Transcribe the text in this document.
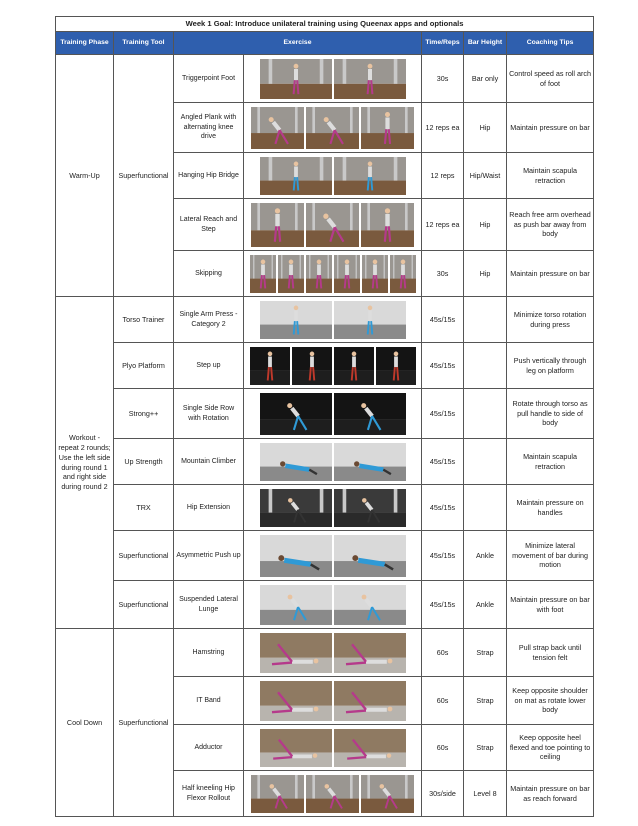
Week 1 Goal: Introduce unilateral training using Queenax apps and optionals						
Training Phase	Training Tool	Exercise		Time/Reps	Bar Height	Coaching Tips
Warm-Up	Superfunctional	Triggerpoint Foot		30s	Bar only	Control speed as roll arch of foot
		Angled Plank with alternating knee drive		12 reps ea	Hip	Maintain pressure on bar
		Hanging Hip Bridge		12 reps	Hip/Waist	Maintain scapula retraction
		Lateral Reach and Step		12 reps ea	Hip	Reach free arm overhead as push bar away from body
		Skipping		30s	Hip	Maintain pressure on bar
Workout - repeat 2 rounds; Use the left side during round 1 and right side during round 2	Torso Trainer	Single Arm Press - Category 2		45s/15s		Minimize torso rotation during press
	Plyo Platform	Step up		45s/15s		Push vertically through leg on platform
	Strong++	Single Side Row with Rotation		45s/15s		Rotate through torso as pull handle to side of body
	Up Strength	Mountain Climber		45s/15s		Maintain scapula retraction
	TRX	Hip Extension		45s/15s		Maintain pressure on handles
	Superfunctional	Asymmetric Push up		45s/15s	Ankle	Minimize lateral movement of bar during motion
	Superfunctional	Suspended Lateral Lunge		45s/15s	Ankle	Maintain pressure on bar with foot
Cool Down	Superfunctional	Hamstring		60s	Strap	Pull strap back until tension felt
		IT Band		60s	Strap	Keep opposite shoulder on mat as rotate lower body
		Adductor		60s	Strap	Keep opposite heel flexed and toe pointing to ceiling
		Half kneeling Hip Flexor Rollout		30s/side	Level 8	Maintain pressure on bar as reach forward
